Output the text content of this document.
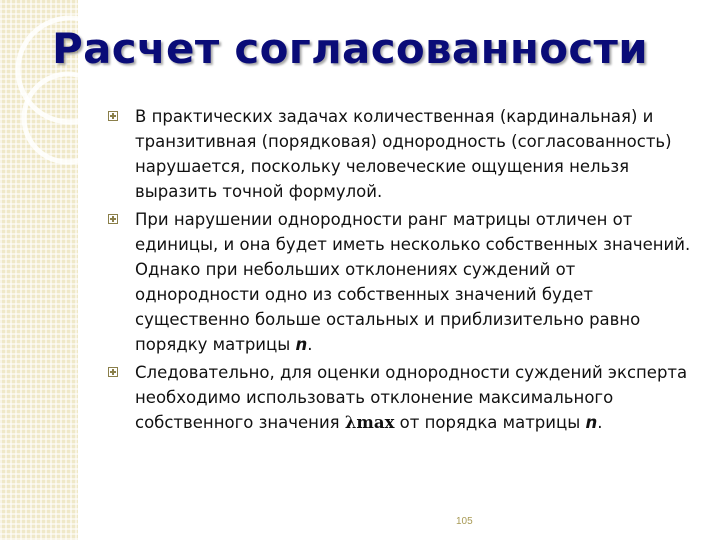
Расчет согласованности
В практических задачах количественная (кардинальная) и транзитивная (порядковая) однородность (согласованность) нарушается, поскольку человеческие ощущения нельзя выразить точной формулой.
При нарушении однородности ранг матрицы отличен от единицы, и она будет иметь несколько собственных значений. Однако при небольших отклонениях суждений от однородности одно из собственных значений будет существенно больше остальных и приблизительно равно порядку матрицы n.
Следовательно, для оценки однородности суждений эксперта необходимо использовать отклонение максимального собственного значения λmax от порядка матрицы n.
105
